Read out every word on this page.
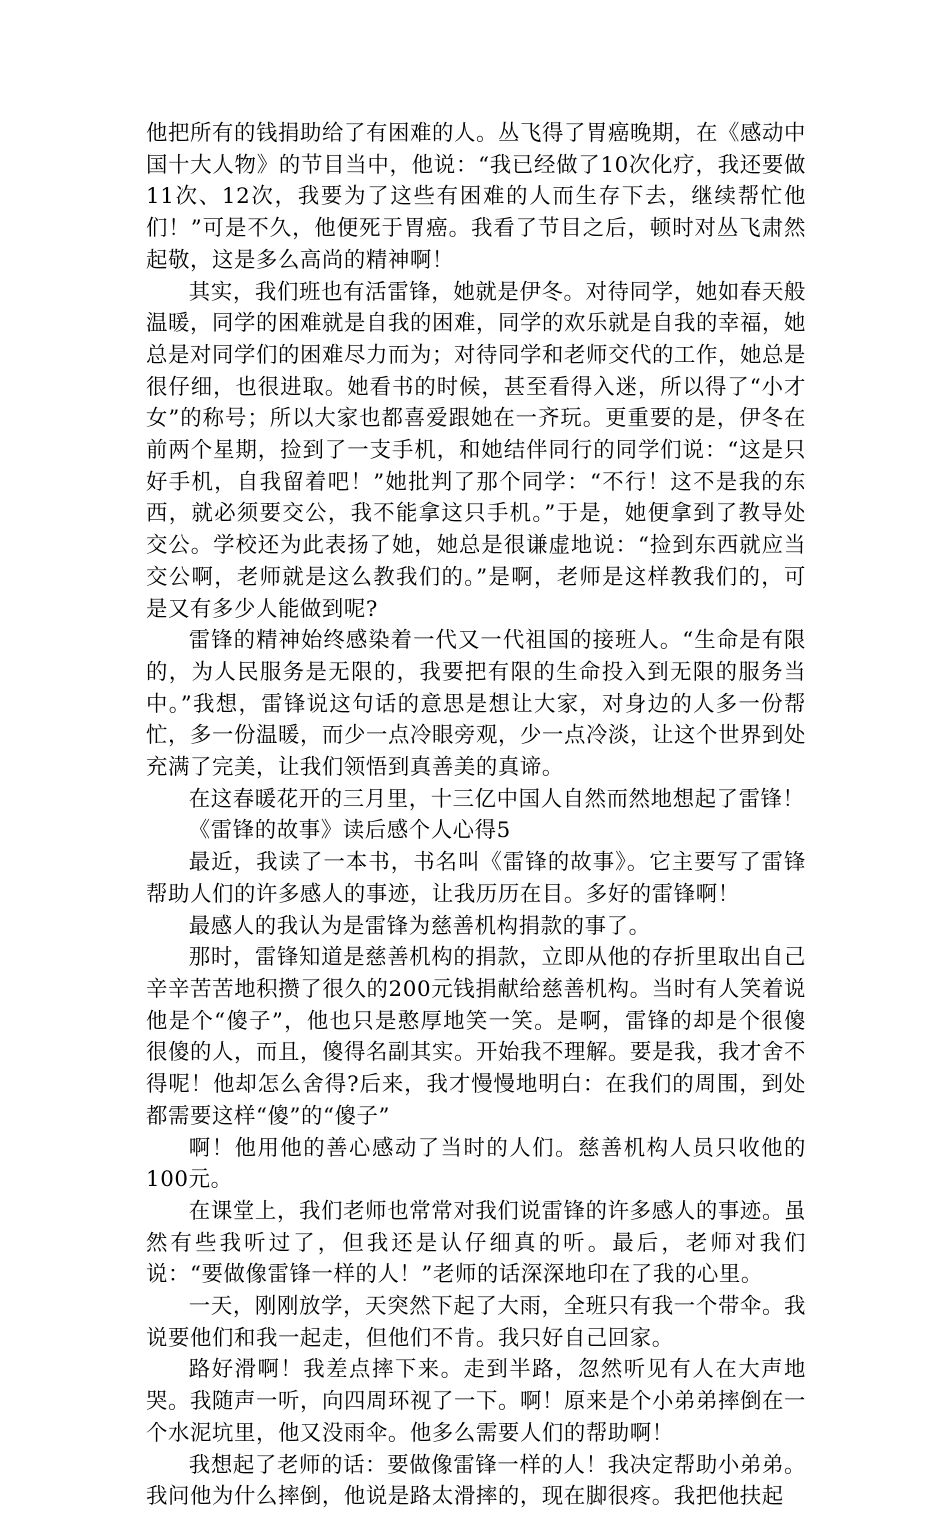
他把所有的钱捐助给了有困难的人。丛飞得了胃癌晚期，在《感动中国十大人物》的节目当中，他说：“我已经做了10次化疗，我还要做11次、12次，我要为了这些有困难的人而生存下去，继续帮忙他们！”可是不久，他便死于胃癌。我看了节目之后，顿时对丛飞肃然起敬，这是多么高尚的精神啊！

其实，我们班也有活雷锋，她就是伊冬。对待同学，她如春天般温暖，同学的困难就是自我的困难，同学的欢乐就是自我的幸福，她总是对同学们的困难尽力而为；对待同学和老师交代的工作，她总是很仔细，也很进取。她看书的时候，甚至看得入迷，所以得了“小才女”的称号；所以大家也都喜爱跟她在一齐玩。更重要的是，伊冬在前两个星期，捡到了一支手机，和她结伴同行的同学们说：“这是只好手机，自我留着吧！”她批判了那个同学：“不行！这不是我的东西，就必须要交公，我不能拿这只手机。”于是，她便拿到了教导处交公。学校还为此表扬了她，她总是很谦虚地说：“捡到东西就应当交公啊，老师就是这么教我们的。”是啊，老师是这样教我们的，可是又有多少人能做到呢?

雷锋的精神始终感染着一代又一代祖国的接班人。“生命是有限的，为人民服务是无限的，我要把有限的生命投入到无限的服务当中。”我想，雷锋说这句话的意思是想让大家，对身边的人多一份帮忙，多一份温暖，而少一点冷眼旁观，少一点冷淡，让这个世界到处充满了完美，让我们领悟到真善美的真谛。

在这春暖花开的三月里，十三亿中国人自然而然地想起了雷锋！

《雷锋的故事》读后感个人心得5

最近，我读了一本书，书名叫《雷锋的故事》。它主要写了雷锋帮助人们的许多感人的事迹，让我历历在目。多好的雷锋啊！

最感人的我认为是雷锋为慈善机构捐款的事了。

那时，雷锋知道是慈善机构的捐款，立即从他的存折里取出自己辛辛苦苦地积攒了很久的200元钱捐献给慈善机构。当时有人笑着说他是个“傻子”，他也只是憨厚地笑一笑。是啊，雷锋的却是个很傻很傻的人，而且，傻得名副其实。开始我不理解。要是我，我才舍不得呢！他却怎么舍得?后来，我才慢慢地明白：在我们的周围，到处都需要这样“傻”的“傻子”

啊！他用他的善心感动了当时的人们。慈善机构人员只收他的100元。

在课堂上，我们老师也常常对我们说雷锋的许多感人的事迹。虽然有些我听过了，但我还是认仔细真的听。最后，老师对我们说：“要做像雷锋一样的人！”老师的话深深地印在了我的心里。

一天，刚刚放学，天突然下起了大雨，全班只有我一个带伞。我说要他们和我一起走，但他们不肯。我只好自己回家。

路好滑啊！我差点摔下来。走到半路，忽然听见有人在大声地哭。我随声一听，向四周环视了一下。啊！原来是个小弟弟摔倒在一个水泥坑里，他又没雨伞。他多么需要人们的帮助啊！

我想起了老师的话：要做像雷锋一样的人！我决定帮助小弟弟。我问他为什么摔倒，他说是路太滑摔的，现在脚很疼。我把他扶起
